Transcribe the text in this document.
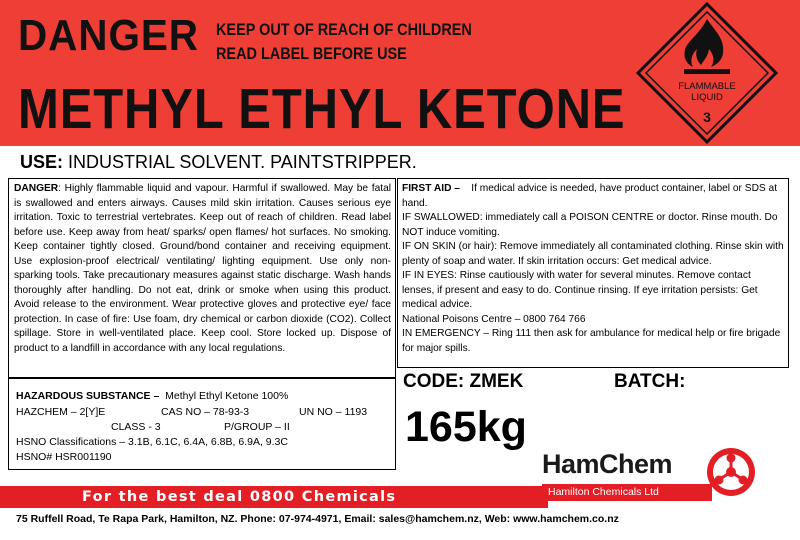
DANGER KEEP OUT OF REACH OF CHILDREN
READ LABEL BEFORE USE
METHYL ETHYL KETONE	FLAMMABLE
LIQUID
3
USE: INDUSTRIAL SOLVENT. PAINTSTRIPPER.
DANGER: Highly flammable liquid and vapour. Harmful if swallowed. May be fatal is swallowed and enters airways. Causes mild skin irritation. Causes serious eye irritation. Toxic to terrestrial vertebrates. Keep out of reach of children. Read label before use. Keep away from heat/ sparks/ open flames/ hot surfaces. No smoking. Keep container tightly closed. Ground/bond container and receiving equipment. Use explosion-proof electrical/ ventilating/ lighting equipment. Use only non-sparking tools. Take precautionary measures against static discharge. Wash hands thoroughly after handling. Do not eat, drink or smoke when using this product. Avoid release to the environment. Wear protective gloves and protective eye/ face protection. In case of fire: Use foam, dry chemical or carbon dioxide (CO2). Collect spillage. Store in well-ventilated place. Keep cool. Store locked up. Dispose of product to a landfill in accordance with any local regulations.

FIRST AID – If medical advice is needed, have product container, label or SDS at hand.

IF SWALLOWED: immediately call a POISON CENTRE or doctor. Rinse mouth. Do NOT induce vomiting.

IF ON SKIN (or hair): Remove immediately all contaminated clothing. Rinse skin with plenty of soap and water. If skin irritation occurs: Get medical advice.

IF IN EYES: Rinse cautiously with water for several minutes. Remove contact lenses, if present and easy to do. Continue rinsing. If eye irritation persists: Get medical advice.

National Poisons Centre – 0800 764 766

IN EMERGENCY – Ring 111 then ask for ambulance for medical help or fire brigade for major spills.

HAZARDOUS SUBSTANCE – Methyl Ethyl Ketone 100%
HAZCHEM – 2[Y]E	CAS NO – 78-93-3	UN NO – 1193
CLASS - 3	P/GROUP – II
HSNO Classifications – 3.1B, 6.1C, 6.4A, 6.8B, 6.9A, 9.3C
HSNO# HSR001190
CODE: ZMEK	BATCH:
165kg
HamChem
Hamilton Chemicals Ltd
For the best deal 0800 Chemicals
75 Ruffell Road, Te Rapa Park, Hamilton, NZ. Phone: 07-974-4971, Email: sales@hamchem.nz, Web: www.hamchem.co.nz
